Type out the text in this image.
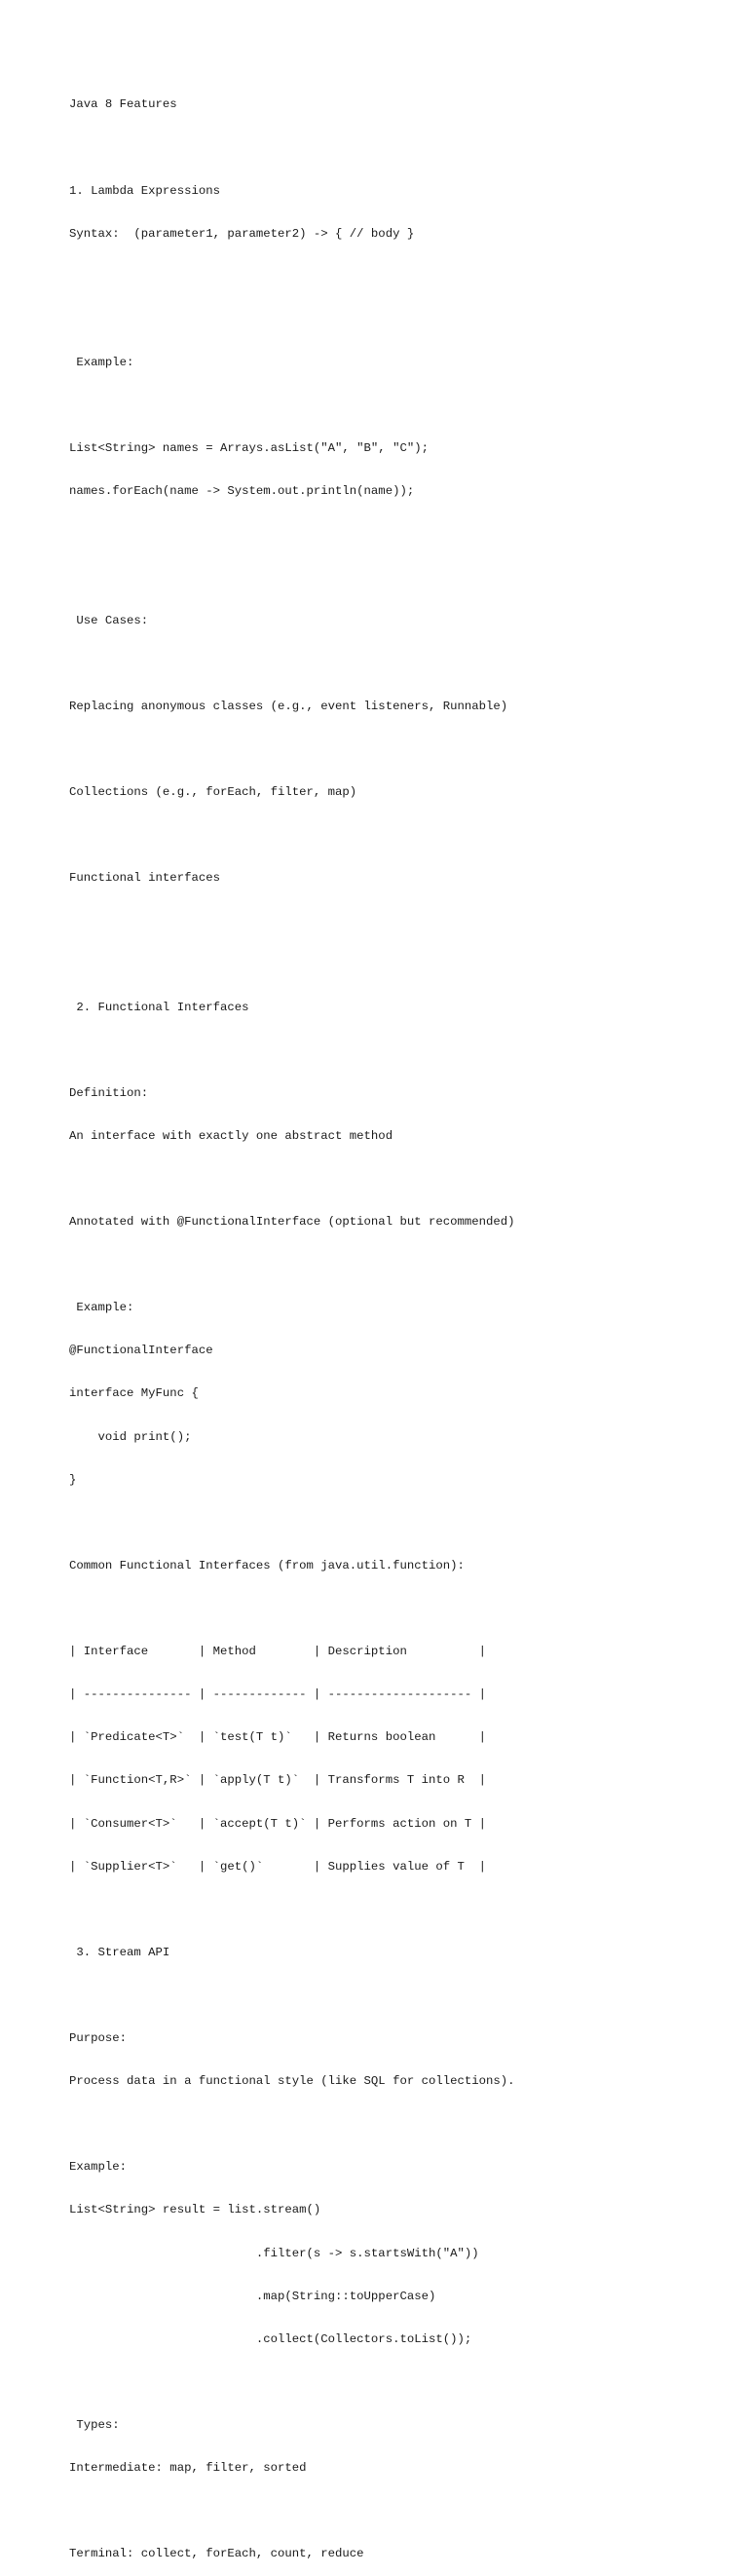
Java 8 Features

1. Lambda Expressions

Syntax:  (parameter1, parameter2) -> { // body }

Example:

List<String> names = Arrays.asList("A", "B", "C");

names.forEach(name -> System.out.println(name));

Use Cases:

Replacing anonymous classes (e.g., event listeners, Runnable)

Collections (e.g., forEach, filter, map)

Functional interfaces

2. Functional Interfaces

Definition:

An interface with exactly one abstract method

Annotated with @FunctionalInterface (optional but recommended)

Example:

@FunctionalInterface

interface MyFunc {

void print();

}

Common Functional Interfaces (from java.util.function):

| Interface       | Method        | Description          |

| --------------- | ------------- | -------------------- |

| `Predicate<T>`  | `test(T t)`   | Returns boolean      |

| `Function<T,R>` | `apply(T t)`  | Transforms T into R  |

| `Consumer<T>`   | `accept(T t)` | Performs action on T |

| `Supplier<T>`   | `get()`       | Supplies value of T  |

3. Stream API

Purpose:

Process data in a functional style (like SQL for collections).

Example:

List<String> result = list.stream()

.filter(s -> s.startsWith("A"))

.map(String::toUpperCase)

.collect(Collectors.toList());

Types:

Intermediate: map, filter, sorted

Terminal: collect, forEach, count, reduce
